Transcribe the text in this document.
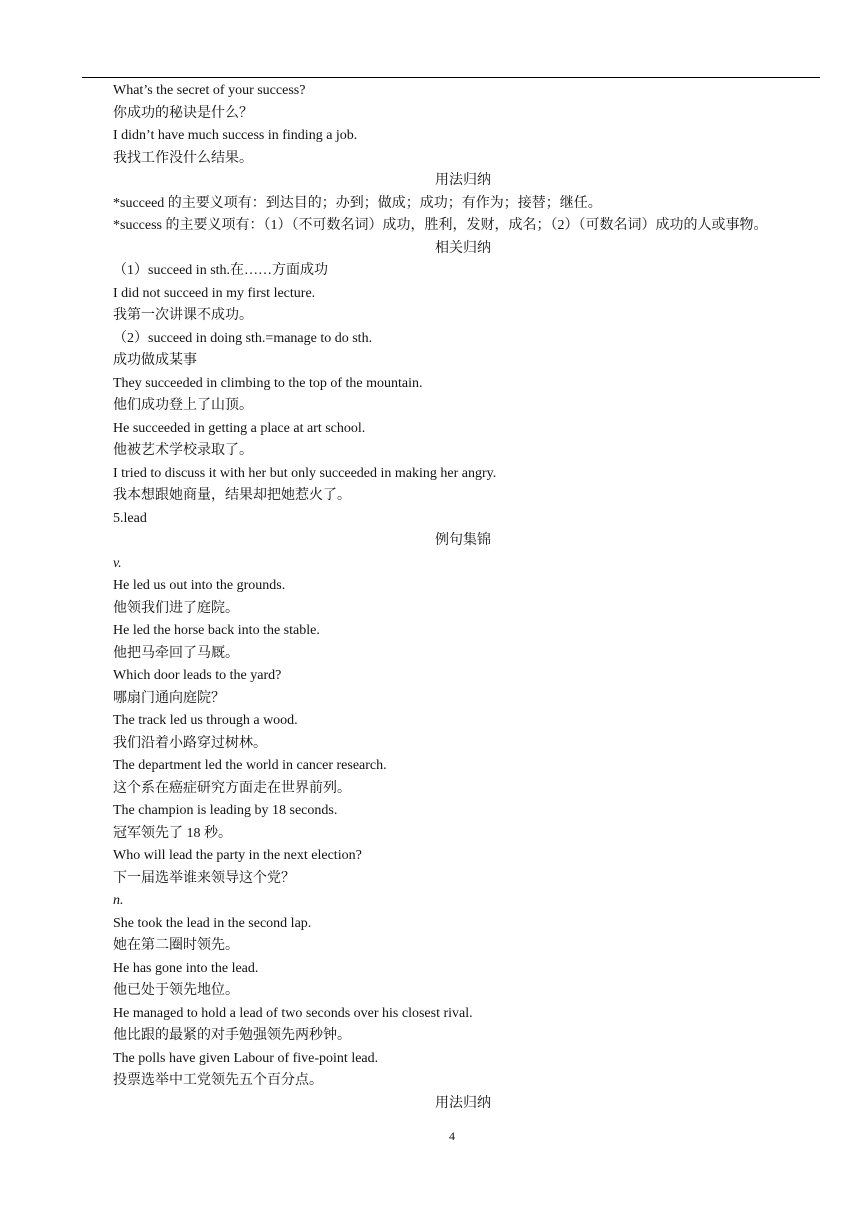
What’s the secret of your success?
你成功的秘诀是什么？
I didn’t have much success in finding a job.
我找工作没什么结果。
用法归纳
*succeed 的主要义项有：到达目的；办到；做成；成功；有作为；接替；继任。
*success 的主要义项有：（1）（不可数名词）成功，胜利，发财，成名；（2）（可数名词）成功的人或事物。
相关归纳
（1）succeed in sth.在……方面成功
I did not succeed in my first lecture.
我第一次讲课不成功。
（2）succeed in doing sth.=manage to do sth.
成功做成某事
They succeeded in climbing to the top of the mountain.
他们成功登上了山顶。
He succeeded in getting a place at art school.
他被艺术学校录取了。
I tried to discuss it with her but only succeeded in making her angry.
我本想跟她商量，结果却把她惹火了。
5.lead
例句集锦
v.
He led us out into the grounds.
他领我们进了庭院。
He led the horse back into the stable.
他把马牵回了马厩。
Which door leads to the yard?
哪扇门通向庭院？
The track led us through a wood.
我们沿着小路穿过树林。
The department led the world in cancer research.
这个系在癌症研究方面走在世界前列。
The champion is leading by 18 seconds.
冠军领先了 18 秒。
Who will lead the party in the next election?
下一届选举谁来领导这个党？
n.
She took the lead in the second lap.
她在第二圈时领先。
He has gone into the lead.
他已处于领先地位。
He managed to hold a lead of two seconds over his closest rival.
他比跟的最紧的对手勉强领先两秒钟。
The polls have given Labour of five-point lead.
投票选举中工党领先五个百分点。
用法归纳
4
